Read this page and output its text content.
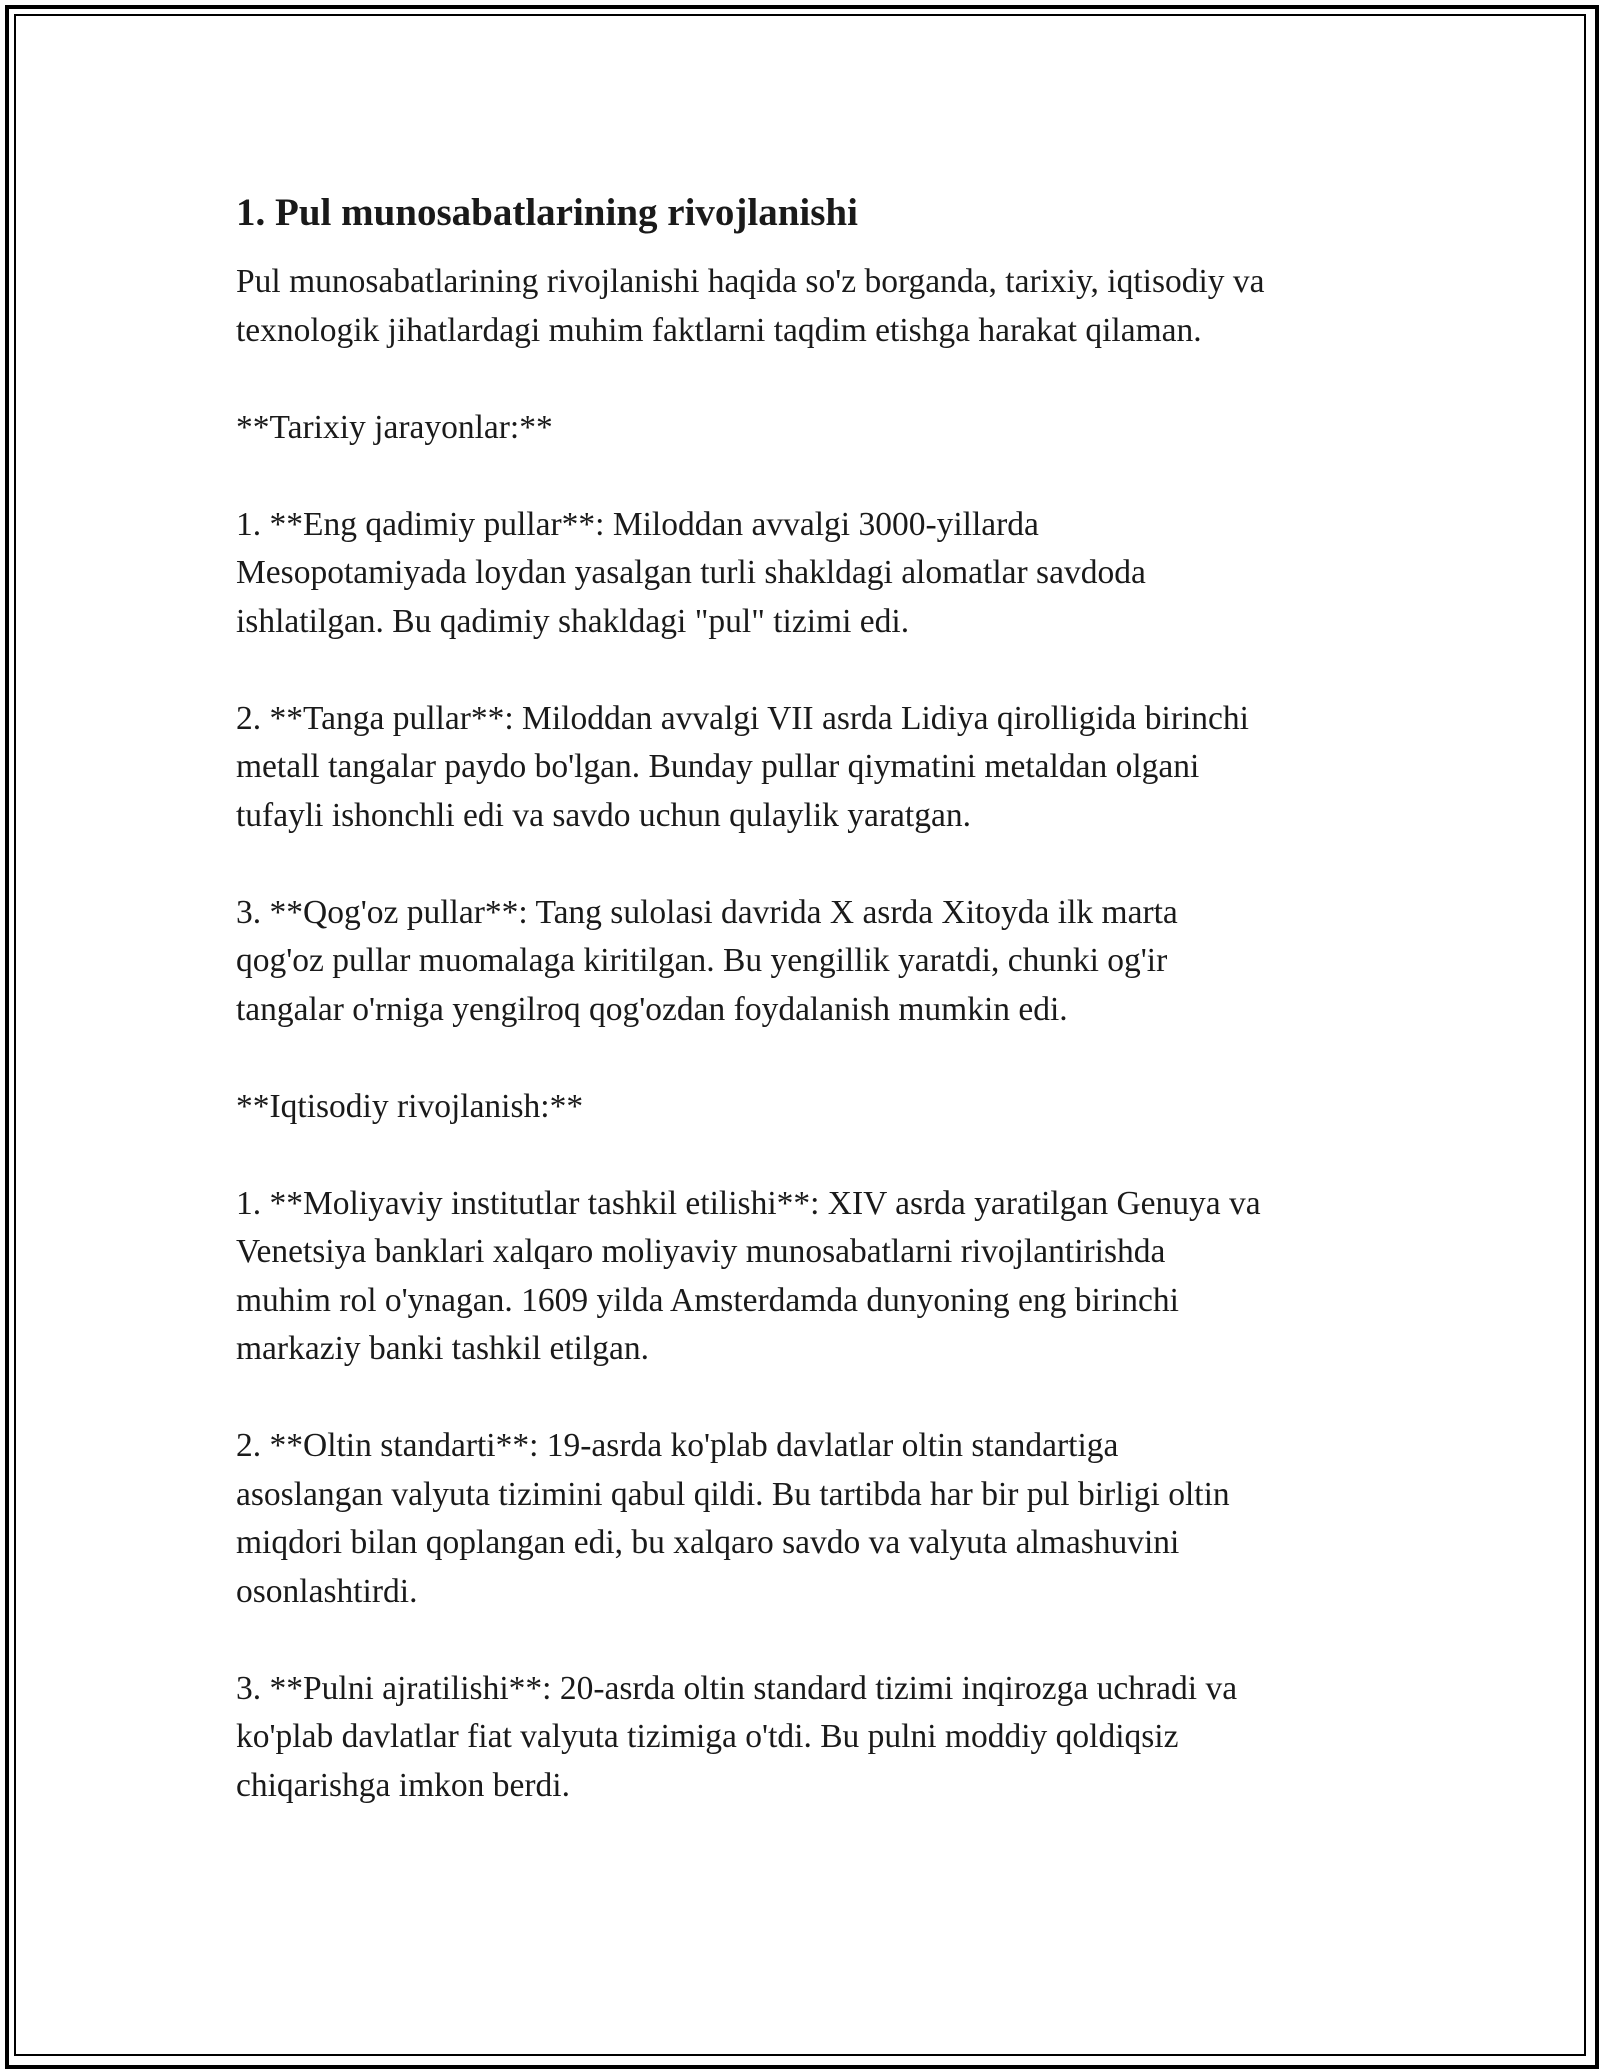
1. Pul munosabatlarining rivojlanishi

Pul munosabatlarining rivojlanishi haqida so'z borganda, tarixiy, iqtisodiy va
texnologik jihatlardagi muhim faktlarni taqdim etishga harakat qilaman.

**Tarixiy jarayonlar:**

1. **Eng qadimiy pullar**: Miloddan avvalgi 3000-yillarda
Mesopotamiyada loydan yasalgan turli shakldagi alomatlar savdoda
ishlatilgan. Bu qadimiy shakldagi "pul" tizimi edi.

2. **Tanga pullar**: Miloddan avvalgi VII asrda Lidiya qirolligida birinchi
metall tangalar paydo bo'lgan. Bunday pullar qiymatini metaldan olgani
tufayli ishonchli edi va savdo uchun qulaylik yaratgan.

3. **Qog'oz pullar**: Tang sulolasi davrida X asrda Xitoyda ilk marta
qog'oz pullar muomalaga kiritilgan. Bu yengillik yaratdi, chunki og'ir
tangalar o'rniga yengilroq qog'ozdan foydalanish mumkin edi.

**Iqtisodiy rivojlanish:**

1. **Moliyaviy institutlar tashkil etilishi**: XIV asrda yaratilgan Genuya va
Venetsiya banklari xalqaro moliyaviy munosabatlarni rivojlantirishda
muhim rol o'ynagan. 1609 yilda Amsterdamda dunyoning eng birinchi
markaziy banki tashkil etilgan.

2. **Oltin standarti**: 19-asrda ko'plab davlatlar oltin standartiga
asoslangan valyuta tizimini qabul qildi. Bu tartibda har bir pul birligi oltin
miqdori bilan qoplangan edi, bu xalqaro savdo va valyuta almashuvini
osonlashtirdi.

3. **Pulni ajratilishi**: 20-asrda oltin standard tizimi inqirozga uchradi va
ko'plab davlatlar fiat valyuta tizimiga o'tdi. Bu pulni moddiy qoldiqsiz
chiqarishga imkon berdi.
